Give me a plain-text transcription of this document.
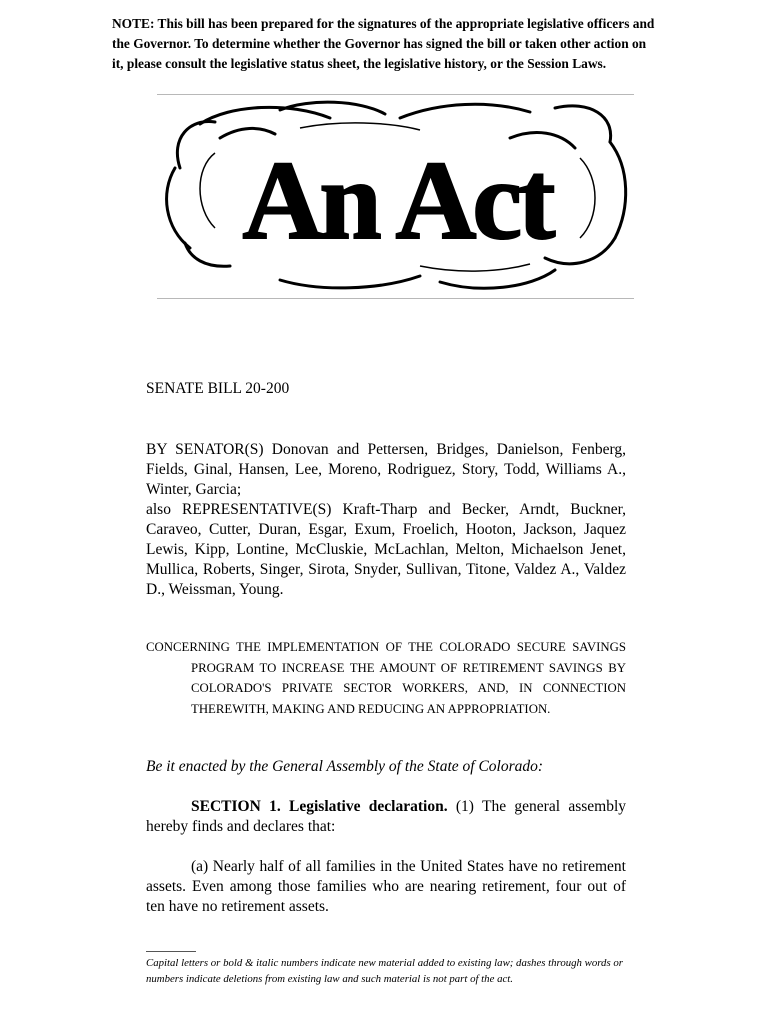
NOTE: This bill has been prepared for the signatures of the appropriate legislative officers and the Governor. To determine whether the Governor has signed the bill or taken other action on it, please consult the legislative status sheet, the legislative history, or the Session Laws.
An Act
SENATE BILL 20-200

BY SENATOR(S) Donovan and Pettersen, Bridges, Danielson, Fenberg, Fields, Ginal, Hansen, Lee, Moreno, Rodriguez, Story, Todd, Williams A., Winter, Garcia;

also REPRESENTATIVE(S) Kraft-Tharp and Becker, Arndt, Buckner, Caraveo, Cutter, Duran, Esgar, Exum, Froelich, Hooton, Jackson, Jaquez Lewis, Kipp, Lontine, McCluskie, McLachlan, Melton, Michaelson Jenet, Mullica, Roberts, Singer, Sirota, Snyder, Sullivan, Titone, Valdez A., Valdez D., Weissman, Young.

CONCERNING THE IMPLEMENTATION OF THE COLORADO SECURE SAVINGS PROGRAM TO INCREASE THE AMOUNT OF RETIREMENT SAVINGS BY COLORADO'S PRIVATE SECTOR WORKERS, AND, IN CONNECTION THEREWITH, MAKING AND REDUCING AN APPROPRIATION.
Be it enacted by the General Assembly of the State of Colorado:
SECTION 1. Legislative declaration. (1) The general assembly hereby finds and declares that:
(a) Nearly half of all families in the United States have no retirement assets. Even among those families who are nearing retirement, four out of ten have no retirement assets.
Capital letters or bold & italic numbers indicate new material added to existing law; dashes through words or numbers indicate deletions from existing law and such material is not part of the act.
